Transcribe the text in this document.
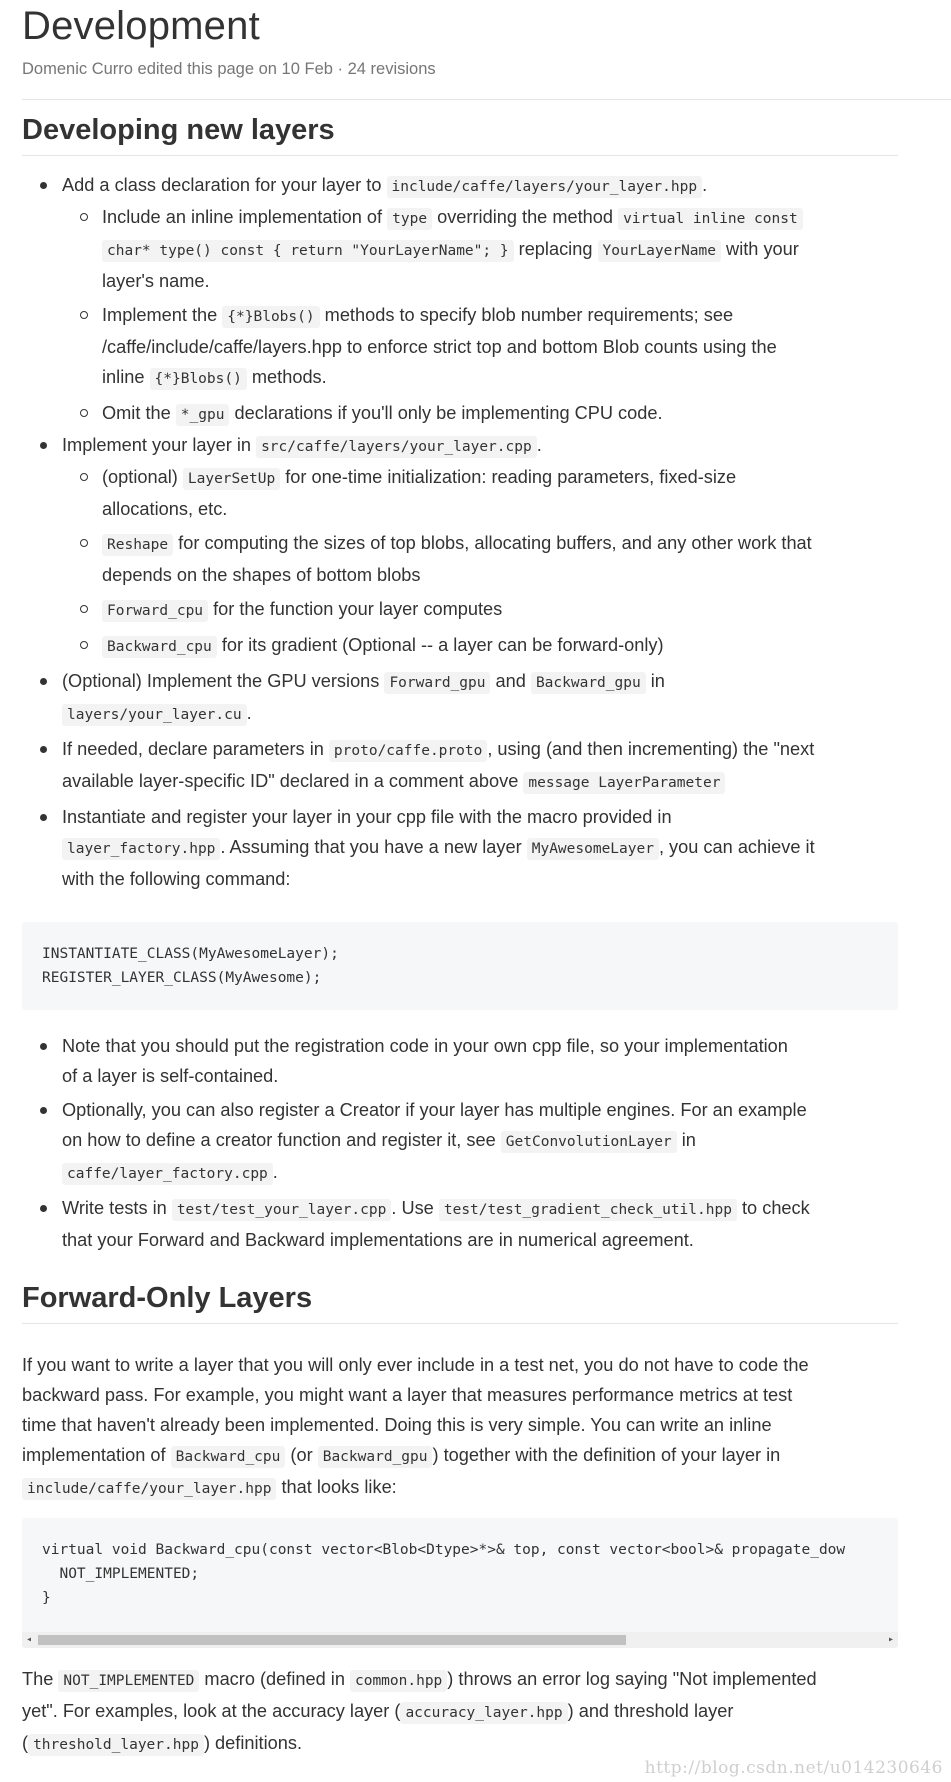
Development
Domenic Curro edited this page on 10 Feb · 24 revisions
Developing new layers
Add a class declaration for your layer to include/caffe/layers/your_layer.hpp .
Include an inline implementation of type overriding the method virtual inline const
char* type() const { return "YourLayerName"; } replacing YourLayerName with your
layer's name.
Implement the {*}Blobs() methods to specify blob number requirements; see
/caffe/include/caffe/layers.hpp to enforce strict top and bottom Blob counts using the
inline {*}Blobs() methods.
Omit the *_gpu declarations if you'll only be implementing CPU code.
Implement your layer in src/caffe/layers/your_layer.cpp .
(optional) LayerSetUp for one-time initialization: reading parameters, fixed-size
allocations, etc.
Reshape for computing the sizes of top blobs, allocating buffers, and any other work that
depends on the shapes of bottom blobs
Forward_cpu for the function your layer computes
Backward_cpu for its gradient (Optional -- a layer can be forward-only)
(Optional) Implement the GPU versions Forward_gpu and Backward_gpu in
layers/your_layer.cu .
If needed, declare parameters in proto/caffe.proto , using (and then incrementing) the "next
available layer-specific ID" declared in a comment above message LayerParameter
Instantiate and register your layer in your cpp file with the macro provided in
layer_factory.hpp . Assuming that you have a new layer MyAwesomeLayer , you can achieve it
with the following command:
INSTANTIATE_CLASS(MyAwesomeLayer);
REGISTER_LAYER_CLASS(MyAwesome);
Note that you should put the registration code in your own cpp file, so your implementation
of a layer is self-contained.
Optionally, you can also register a Creator if your layer has multiple engines. For an example
on how to define a creator function and register it, see GetConvolutionLayer in
caffe/layer_factory.cpp .
Write tests in test/test_your_layer.cpp . Use test/test_gradient_check_util.hpp to check
that your Forward and Backward implementations are in numerical agreement.
Forward-Only Layers
If you want to write a layer that you will only ever include in a test net, you do not have to code the
backward pass. For example, you might want a layer that measures performance metrics at test
time that haven't already been implemented. Doing this is very simple. You can write an inline
implementation of Backward_cpu (or Backward_gpu ) together with the definition of your layer in
include/caffe/your_layer.hpp that looks like:
virtual void Backward_cpu(const vector<Blob<Dtype>*>& top, const vector<bool>& propagate_dow
NOT_IMPLEMENTED;
}
◂	▸
The NOT_IMPLEMENTED macro (defined in common.hpp ) throws an error log saying "Not implemented
yet". For examples, look at the accuracy layer ( accuracy_layer.hpp ) and threshold layer
( threshold_layer.hpp ) definitions.
http://blog.csdn.net/u014230646
